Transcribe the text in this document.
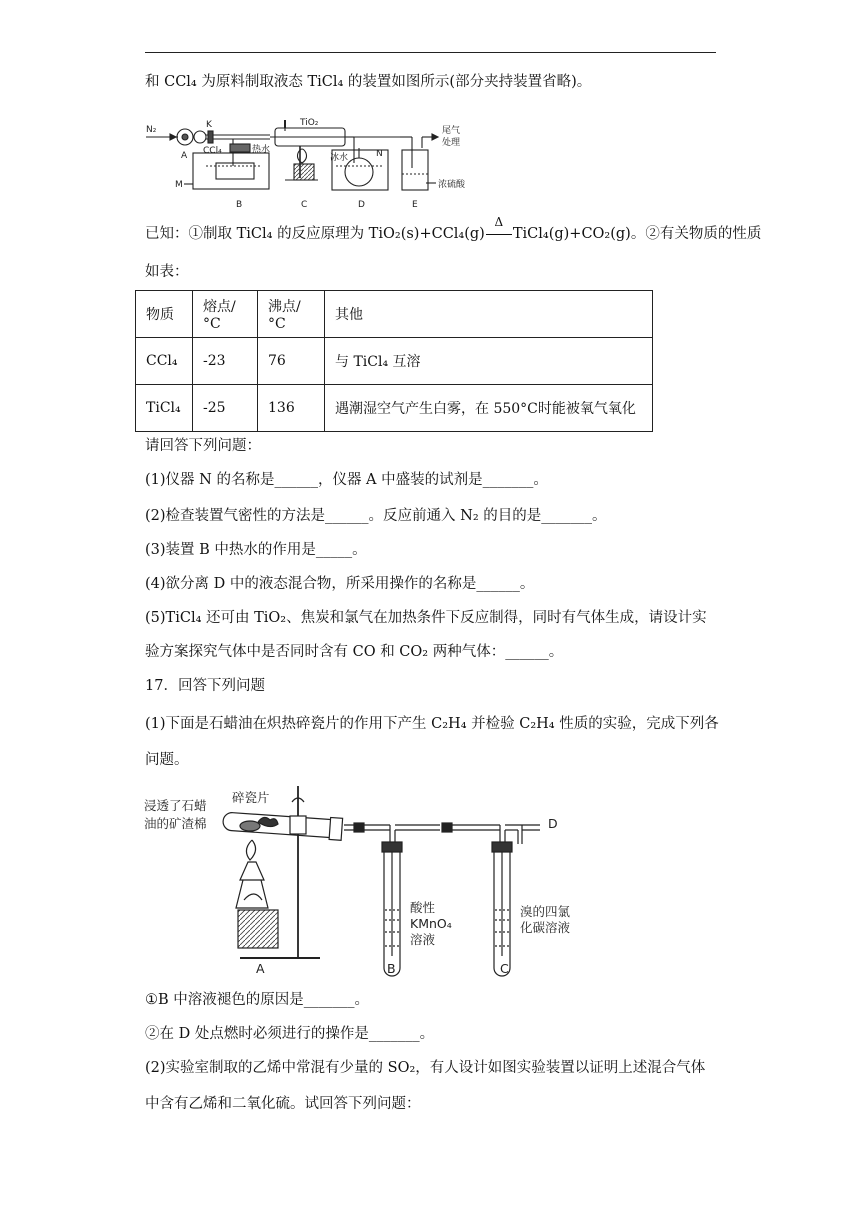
和 CCl₄ 为原料制取液态 TiCl₄ 的装置如图所示(部分夹持装置省略)。
N₂
A
K
CCl₄
M
热水
TiO₂
冰水	N
尾气
处理
浓硫酸
B	C	D	E
已知：①制取 TiCl₄ 的反应原理为 TiO₂(s)+CCl₄(g)
Δ
TiCl₄(g)+CO₂(g)。②有关物质的性质
如表：
物质	熔点/°C	沸点/°C	其他
CCl₄	-23	76	与 TiCl₄ 互溶
TiCl₄	-25	136	遇潮湿空气产生白雾，在 550°C时能被氧气氧化
请回答下列问题：
(1)仪器 N 的名称是______，仪器 A 中盛装的试剂是_______。
(2)检查装置气密性的方法是______。反应前通入 N₂ 的目的是_______。
(3)装置 B 中热水的作用是_____。
(4)欲分离 D 中的液态混合物，所采用操作的名称是______。
(5)TiCl₄ 还可由 TiO₂、焦炭和氯气在加热条件下反应制得，同时有气体生成，请设计实
验方案探究气体中是否同时含有 CO 和 CO₂ 两种气体：______。
17．回答下列问题
(1)下面是石蜡油在炽热碎瓷片的作用下产生 C₂H₄ 并检验 C₂H₄ 性质的实验，完成下列各
问题。
浸透了石蜡
油的矿渣棉
碎瓷片
酸性
KMnO₄
溶液
溴的四氯
化碳溶液
A	B	C
D
①B 中溶液褪色的原因是_______。
②在 D 处点燃时必须进行的操作是_______。
(2)实验室制取的乙烯中常混有少量的 SO₂，有人设计如图实验装置以证明上述混合气体
中含有乙烯和二氧化硫。试回答下列问题：
